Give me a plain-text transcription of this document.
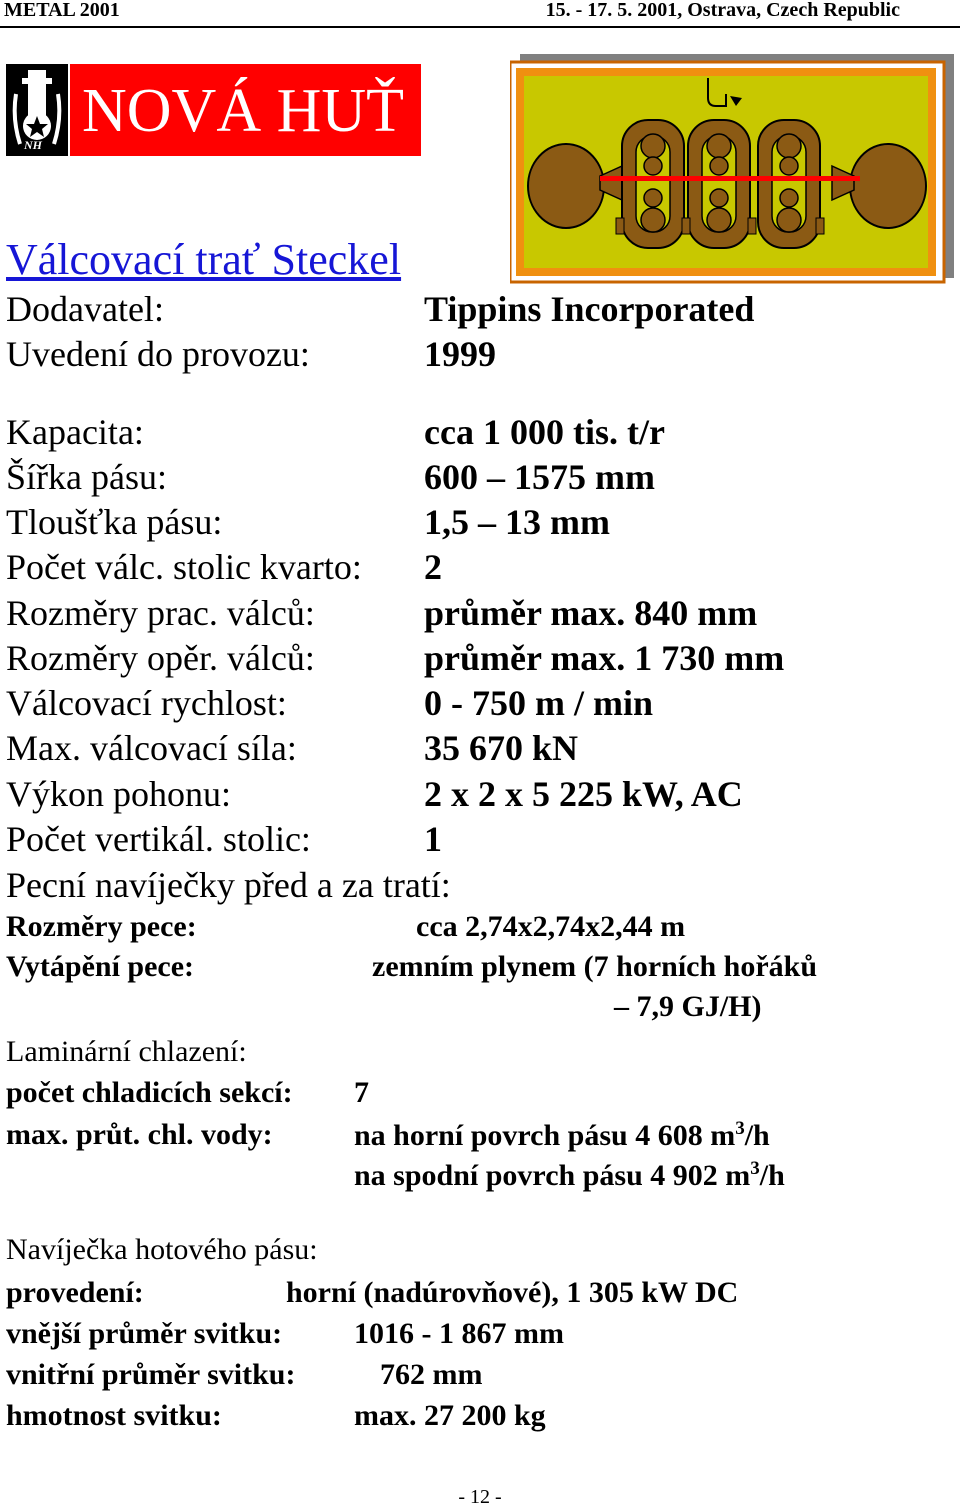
METAL 2001	15. - 17. 5. 2001, Ostrava, Czech Republic
NH NOVÁ HUŤ
Válcovací trať Steckel
Dodavatel:	Tippins Incorporated
Uvedení do provozu:	1999
Kapacita:	cca 1 000 tis. t/r
Šířka pásu:	600 – 1575 mm
Tloušťka pásu:	1,5 – 13 mm
Počet válc. stolic kvarto: 2
Rozměry prac. válců:	průměr max. 840 mm
Rozměry opěr. válců:	průměr max. 1 730 mm
Válcovací rychlost:	0 - 750 m / min
Max. válcovací síla:	35 670 kN
Výkon pohonu:	2 x 2 x 5 225 kW, AC
Počet vertikál. stolic:	1
Pecní navíječky před a za tratí:
Rozměry pece:	cca 2,74x2,74x2,44 m
Vytápění pece:	zemním plynem (7 horních hořáků
– 7,9 GJ/H)
Laminární chlazení:
počet chladicích sekcí: 7
max. průt. chl. vody:	na horní povrch pásu 4 608 $m^3/h$
na spodní povrch pásu 4 902 $m^3/h$
Navíječka hotového pásu:
provedení:	horní (nadúrovňové), 1 305 kW DC
vnější průměr svitku: 1016 - 1 867 mm
vnitřní průměr svitku:	762 mm
hmotnost svitku:	max. 27 200 kg
- 12 -
